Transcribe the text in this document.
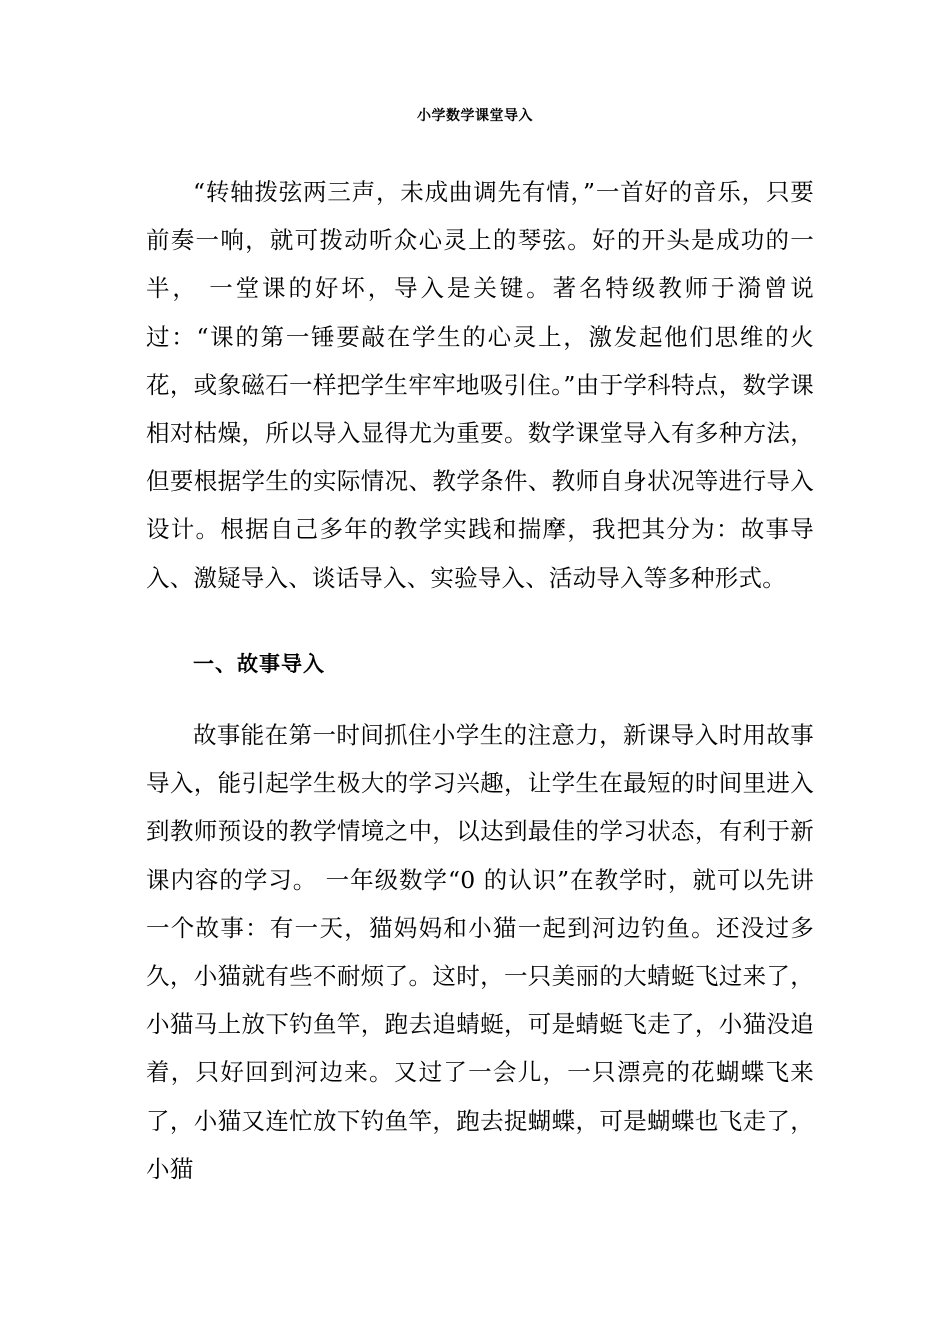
小学数学课堂导入

“转轴拨弦两三声，未成曲调先有情，”一首好的音乐，只要前奏一响，就可拨动听众心灵上的琴弦。好的开头是成功的一半， 一堂课的好坏，导入是关键。著名特级教师于漪曾说过：“课的第一锤要敲在学生的心灵上，激发起他们思维的火花，或象磁石一样把学生牢牢地吸引住。”由于学科特点，数学课相对枯燥，所以导入显得尤为重要。数学课堂导入有多种方法，但要根据学生的实际情况、教学条件、教师自身状况等进行导入设计。根据自己多年的教学实践和揣摩，我把其分为：故事导入、激疑导入、谈话导入、实验导入、活动导入等多种形式。

一、故事导入

故事能在第一时间抓住小学生的注意力，新课导入时用故事导入，能引起学生极大的学习兴趣，让学生在最短的时间里进入到教师预设的教学情境之中，以达到最佳的学习状态，有利于新课内容的学习。 一年级数学“0 的认识”在教学时，就可以先讲一个故事：有一天，猫妈妈和小猫一起到河边钓鱼。还没过多久，小猫就有些不耐烦了。这时，一只美丽的大蜻蜓飞过来了，小猫马上放下钓鱼竿，跑去追蜻蜓，可是蜻蜓飞走了，小猫没追着，只好回到河边来。又过了一会儿，一只漂亮的花蝴蝶飞来了，小猫又连忙放下钓鱼竿，跑去捉蝴蝶，可是蝴蝶也飞走了，小猫
